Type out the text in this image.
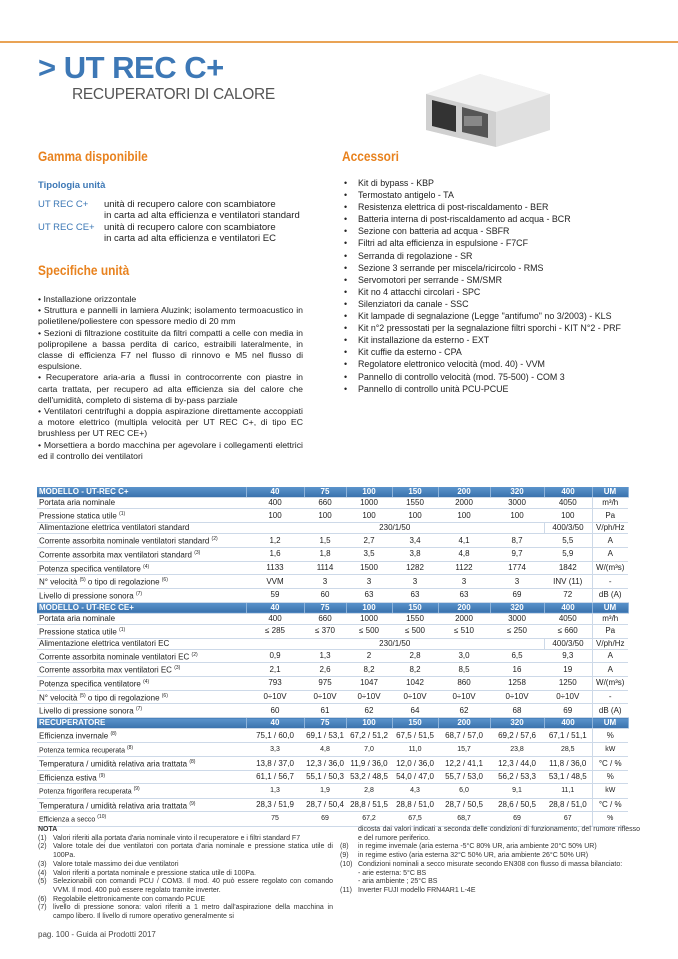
> UT REC C+
RECUPERATORI DI CALORE
Gamma disponibile
Tipologia unità
UT REC C+	unità di recupero calore con scambiatore
in carta ad alta efficienza e ventilatori standard
UT REC CE+ unità di recupero calore con scambiatore
in carta ad alta efficienza e ventilatori EC
Specifiche unità
• Installazione orizzontale
• Struttura e pannelli in lamiera Aluzink; isolamento termoacustico in polietilene/poliestere con spessore medio di 20 mm
• Sezioni di filtrazione costituite da filtri compatti a celle con media in polipropilene a bassa perdita di carico, estraibili lateralmente, in classe di efficienza F7 nel flusso di rinnovo e M5 nel flusso di espulsione.
• Recuperatore aria-aria a flussi in controcorrente con piastre in carta trattata, per recupero ad alta efficienza sia del calore che dell'umidità, completo di sistema di by-pass parziale
• Ventilatori centrifughi a doppia aspirazione direttamente accoppiati a motore elettrico (multipla velocità per UT REC C+, di tipo EC brushless per UT REC CE+)
• Morsettiera a bordo macchina per agevolare i collegamenti elettrici ed il controllo dei ventilatori
Accessori
• Kit di bypass - KBP
• Termostato antigelo - TA
• Resistenza elettrica di post-riscaldamento - BER
• Batteria interna di post-riscaldamento ad acqua - BCR
• Sezione con batteria ad acqua - SBFR
• Filtri ad alta efficienza in espulsione - F7CF
• Serranda di regolazione - SR
• Sezione 3 serrande per miscela/ricircolo - RMS
• Servomotori per serrande - SM/SMR
• Kit no 4 attacchi circolari - SPC
• Silenziatori da canale - SSC
• Kit lampade di segnalazione (Legge "antifumo" no 3/2003) - KLS
• Kit n°2 pressostati per la segnalazione filtri sporchi - KIT N°2 - PRF
• Kit installazione da esterno - EXT
• Kit cuffie da esterno - CPA
• Regolatore elettronico velocità (mod. 40) - VVM
• Pannello di controllo velocità (mod. 75-500) - COM 3
• Pannello di controllo unità PCU-PCUE
MODELLO - UT-REC C+	40	75	100	150	200	320	400	UM
Portata aria nominale	400	660	1000	1550	2000	3000	4050	m³/h
Pressione statica utile $^{(1)}$	100	100	100	100	100	100	100	Pa
Alimentazione elettrica ventilatori standard	230/1/50						400/3/50	V/ph/Hz
Corrente assorbita nominale ventilatori standard $^{(2)}$	1,2	1,5	2,7	3,4	4,1	8,7	5,5	A
Corrente assorbita max ventilatori standard $^{(3)}$	1,6	1,8	3,5	3,8	4,8	9,7	5,9	A
Potenza specifica ventilatore $^{(4)}$	1133	1114	1500	1282	1122	1774	1842	W/(m³s)
N° velocità $^{(5)}$ o tipo di regolazione $^{(6)}$	VVM	3	3	3	3	3	INV (11)	-
Livello di pressione sonora $^{(7)}$	59	60	63	63	63	69	72	dB (A)
MODELLO - UT-REC CE+	40	75	100	150	200	320	400	UM
Portata aria nominale	400	660	1000	1550	2000	3000	4050	m³/h
Pressione statica utile $^{(1)}$	≤ 285	≤ 370	≤ 500	≤ 500	≤ 510	≤ 250	≤ 660	Pa
Alimentazione elettrica ventilatori EC	230/1/50						400/3/50	V/ph/Hz
Corrente assorbita nominale ventilatori EC $^{(2)}$	0,9	1,3	2	2,8	3,0	6,5	9,3	A
Corrente assorbita max ventilatori EC $^{(3)}$	2,1	2,6	8,2	8,2	8,5	16	19	A
Potenza specifica ventilatore $^{(4)}$	793	975	1047	1042	860	1258	1250	W/(m³s)
N° velocità $^{(5)}$ o tipo di regolazione $^{(6)}$	0÷10V	0÷10V	0÷10V	0÷10V	0÷10V	0÷10V	0÷10V	-
Livello di pressione sonora $^{(7)}$	60	61	62	64	62	68	69	dB (A)
RECUPERATORE	40	75	100	150	200	320	400	UM
Efficienza invernale $^{(8)}$	75,1 / 60,0	69,1 / 53,1	67,2 / 51,2	67,5 / 51,5	68,7 / 57,0	69,2 / 57,6	67,1 / 51,1	%
Potenza termica recuperata $^{(8)}$	3,3	4,8	7,0	11,0	15,7	23,8	28,5	kW
Temperatura / umidità relativa aria trattata $^{(8)}$	13,8 / 37,0	12,3 / 36,0	11,9 / 36,0	12,0 / 36,0	12,2 / 41,1	12,3 / 44,0	11,8 / 36,0	°C / %
Efficienza estiva $^{(9)}$	61,1 / 56,7	55,1 / 50,3	53,2 / 48,5	54,0 / 47,0	55,7 / 53,0	56,2 / 53,3	53,1 / 48,5	%
Potenza frigorifera recuperata $^{(9)}$	1,3	1,9	2,8	4,3	6,0	9,1	11,1	kW
Temperatura / umidità relativa aria trattata $^{(9)}$	28,3 / 51,9	28,7 / 50,4	28,8 / 51,5	28,8 / 51,0	28,7 / 50,5	28,6 / 50,5	28,8 / 51,0	°C / %
Efficienza a secco $^{(10)}$	75	69	67,2	67,5	68,7	69	67	%
NOTA
(1) Valori riferiti alla portata d'aria nominale vinto il recuperatore e i filtri standard F7
(2) Valore totale dei due ventilatori con portata d'aria nominale e pressione statica utile di 100Pa.
(3) Valore totale massimo dei due ventilatori
(4) Valori riferiti a portata nominale e pressione statica utile di 100Pa.
(5) Selezionabili con comandi PCU / COM3. Il mod. 40 può essere regolato con comando VVM. Il mod. 400 può essere regolato tramite inverter.
(6) Regolabile elettronicamente con comando PCUE
(7) livello di pressione sonora: valori riferiti a 1 metro dall'aspirazione della macchina in campo libero. Il livello di rumore operativo generalmente si
dicosta dai valori indicati a seconda delle condizioni di funzionamento, del rumore riflesso e del rumore periferico.
(8)	in regime invernale (aria esterna -5°C 80% UR, aria ambiente 20°C 50% UR)
(9)	in regime estivo (aria esterna 32°C 50% UR, aria ambiente 26°C 50% UR)
(10) Condizioni nominali a secco misurate secondo EN308 con flusso di massa bilanciato:
- arie esterna: 5°C BS
- aria ambiente ; 25°C BS
(11) Inverter FUJI modello FRN4AR1 L-4E
pag. 100 - Guida ai Prodotti 2017
